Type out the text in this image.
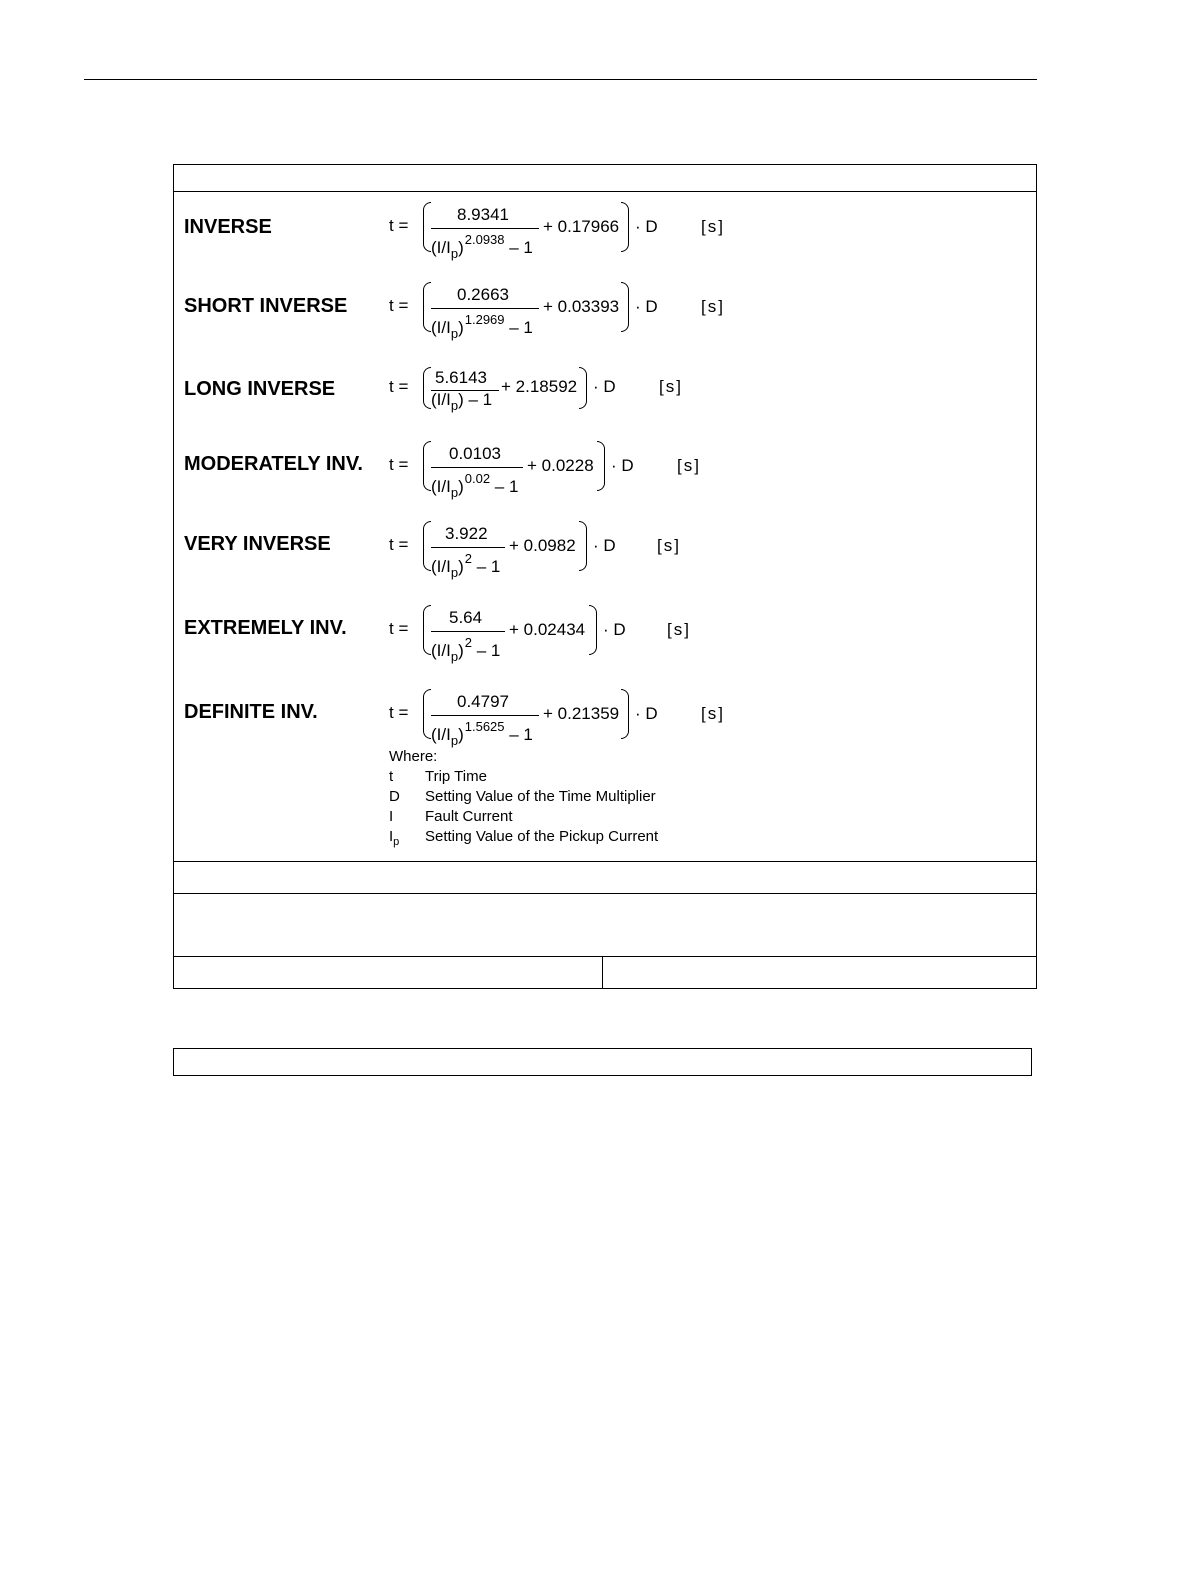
INVERSE	t =
8.9341
$(I/I_p)^{2.0938} - 1$
+ 0.17966 · D	[s]
SHORT INVERSE t =
0.2663
$(I/I_p)^{1.2969} - 1$
+ 0.03393 · D	[s]
LONG INVERSE	t = 5.6143
$(I/I_p) - 1$
+ 2.18592 · D	[s]
MODERATELY INV. t =
0.0103
$(I/I_p)^{0.02} - 1$
+ 0.0228 · D	[s]
VERY INVERSE	t =
3.922
$(I/I_p)^2 - 1$
+ 0.0982 · D [s]
EXTREMELY INV. t =
5.64
$(I/I_p)^2 - 1$
+ 0.02434 · D [s]
DEFINITE INV.	t =
0.4797
$(I/I_p)^{1.5625} - 1$
+ 0.21359 · D	[s]
Where:
t Trip Time
D Setting Value of the Time Multiplier
I Fault Current
$I_p$ Setting Value of the Pickup Current
